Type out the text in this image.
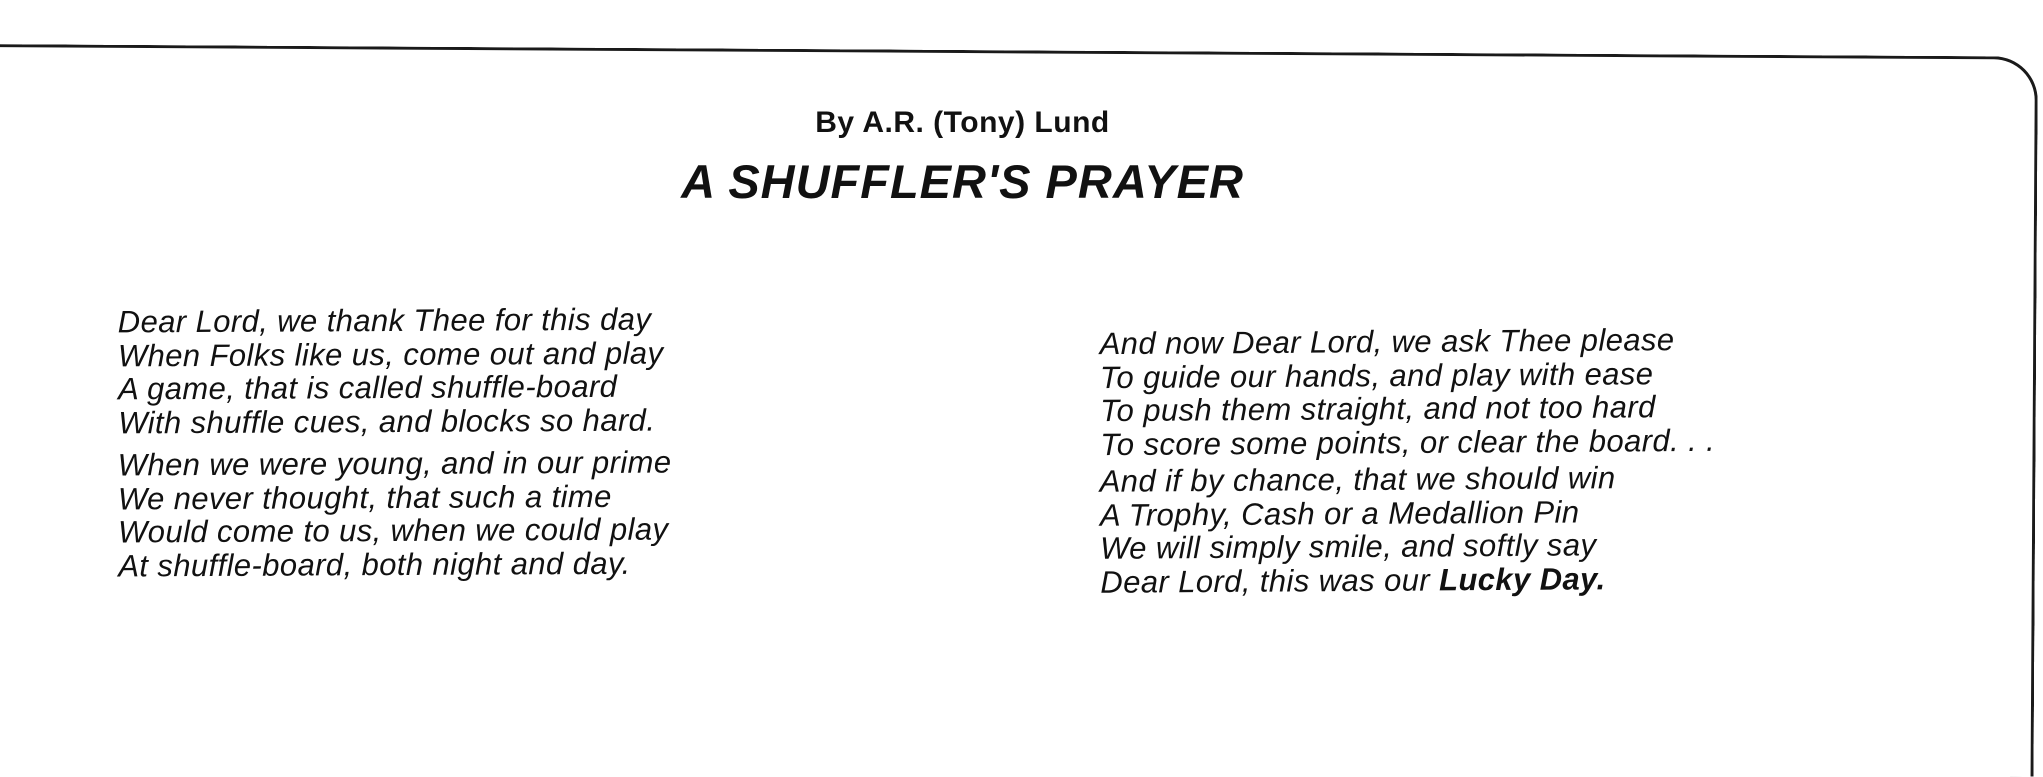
By A.R. (Tony) Lund
A SHUFFLER'S PRAYER
Dear Lord, we thank Thee for this day
When Folks like us, come out and play
A game, that is called shuffle-board
With shuffle cues, and blocks so hard.
When we were young, and in our prime
We never thought, that such a time
Would come to us, when we could play
At shuffle-board, both night and day.
And now Dear Lord, we ask Thee please
To guide our hands, and play with ease
To push them straight, and not too hard
To score some points, or clear the board. . .
And if by chance, that we should win
A Trophy, Cash or a Medallion Pin
We will simply smile, and softly say
Dear Lord, this was our Lucky Day.
